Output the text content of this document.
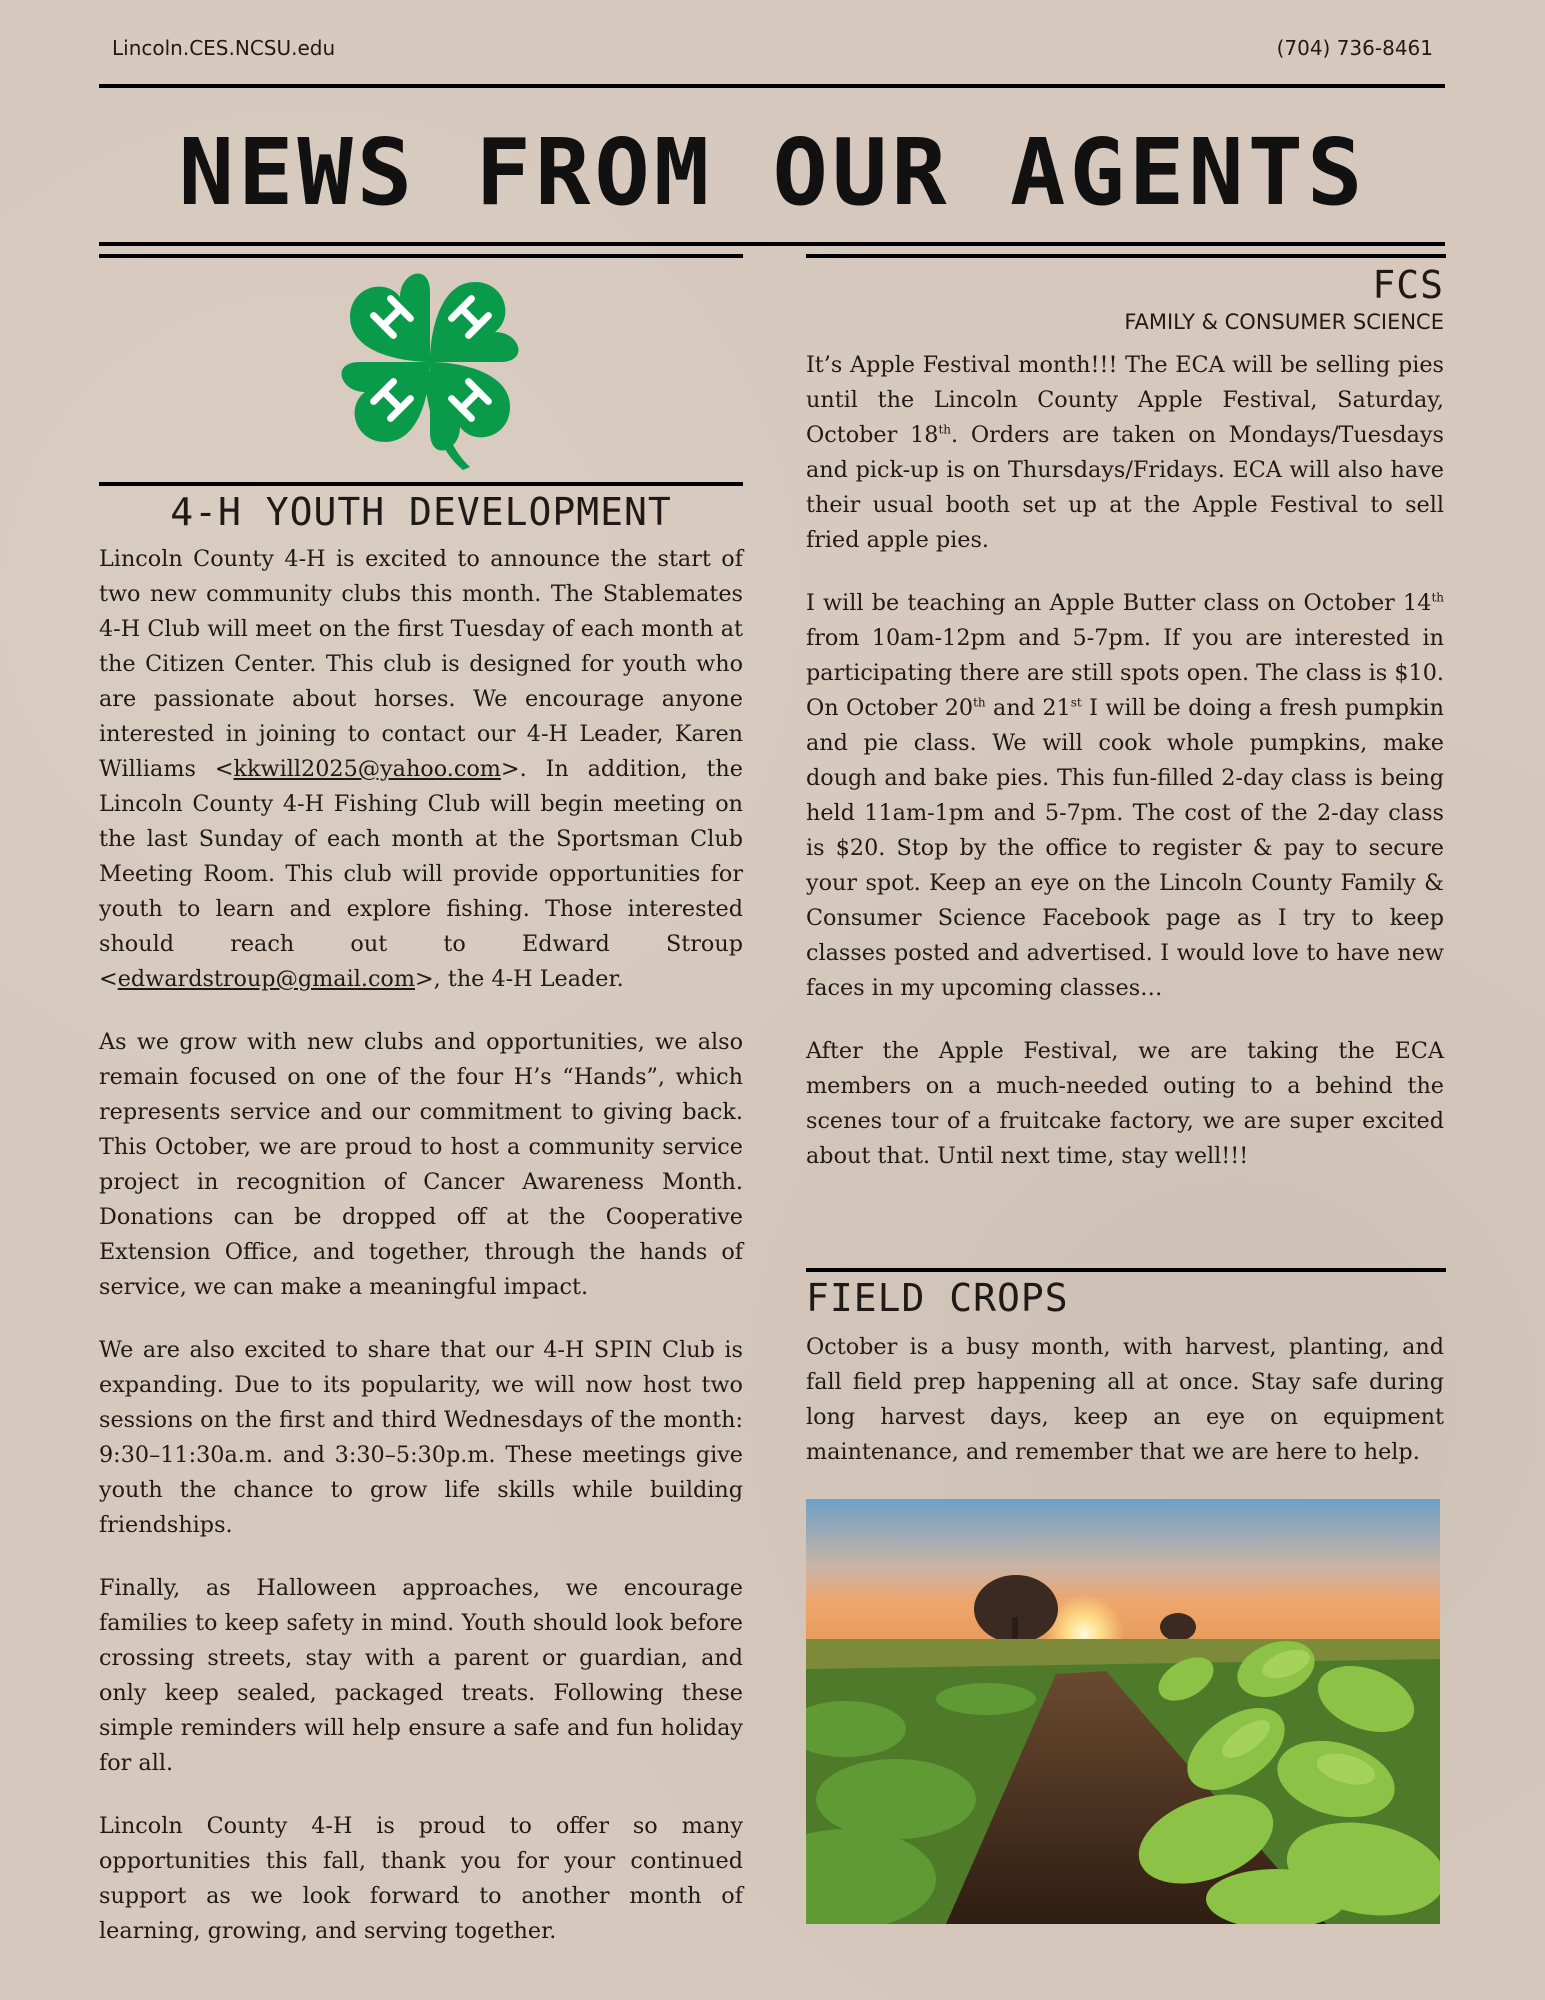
Lincoln.CES.NCSU.edu	(704) 736-8461
NEWS FROM OUR AGENTS
4-H YOUTH DEVELOPMENT

Lincoln County 4-H is excited to announce the start of two new community clubs this month. The Stablemates 4-H Club will meet on the first Tuesday of each month at the Citizen Center. This club is designed for youth who are passionate about horses. We encourage anyone interested in joining to contact our 4-H Leader, Karen Williams <kkwill2025@yahoo.com>. In addition, the Lincoln County 4-H Fishing Club will begin meeting on the last Sunday of each month at the Sportsman Club Meeting Room. This club will provide opportunities for youth to learn and explore fishing. Those interested should reach out to Edward Stroup <edwardstroup@gmail.com>, the 4-H Leader.

As we grow with new clubs and opportunities, we also remain focused on one of the four H’s “Hands”, which represents service and our commitment to giving back. This October, we are proud to host a community service project in recognition of Cancer Awareness Month. Donations can be dropped off at the Cooperative Extension Office, and together, through the hands of service, we can make a meaningful impact.

We are also excited to share that our 4-H SPIN Club is expanding. Due to its popularity, we will now host two sessions on the first and third Wednesdays of the month: 9:30–11:30a.m. and 3:30–5:30p.m. These meetings give youth the chance to grow life skills while building friendships.

Finally, as Halloween approaches, we encourage families to keep safety in mind. Youth should look before crossing streets, stay with a parent or guardian, and only keep sealed, packaged treats. Following these simple reminders will help ensure a safe and fun holiday for all.

Lincoln County 4-H is proud to offer so many opportunities this fall, thank you for your continued support as we look forward to another month of learning, growing, and serving together.

FCS
FAMILY & CONSUMER SCIENCE

It’s Apple Festival month!!! The ECA will be selling pies until the Lincoln County Apple Festival, Saturday, October 18th. Orders are taken on Mondays/Tuesdays and pick-up is on Thursdays/Fridays. ECA will also have their usual booth set up at the Apple Festival to sell fried apple pies.

I will be teaching an Apple Butter class on October 14th from 10am-12pm and 5-7pm. If you are interested in participating there are still spots open. The class is $10. On October 20th and 21st I will be doing a fresh pumpkin and pie class. We will cook whole pumpkins, make dough and bake pies. This fun-filled 2-day class is being held 11am-1pm and 5-7pm. The cost of the 2-day class is $20. Stop by the office to register & pay to secure your spot. Keep an eye on the Lincoln County Family & Consumer Science Facebook page as I try to keep classes posted and advertised. I would love to have new faces in my upcoming classes…

After the Apple Festival, we are taking the ECA members on a much-needed outing to a behind the scenes tour of a fruitcake factory, we are super excited about that. Until next time, stay well!!!

FIELD CROPS

October is a busy month, with harvest, planting, and fall field prep happening all at once. Stay safe during long harvest days, keep an eye on equipment maintenance, and remember that we are here to help.
